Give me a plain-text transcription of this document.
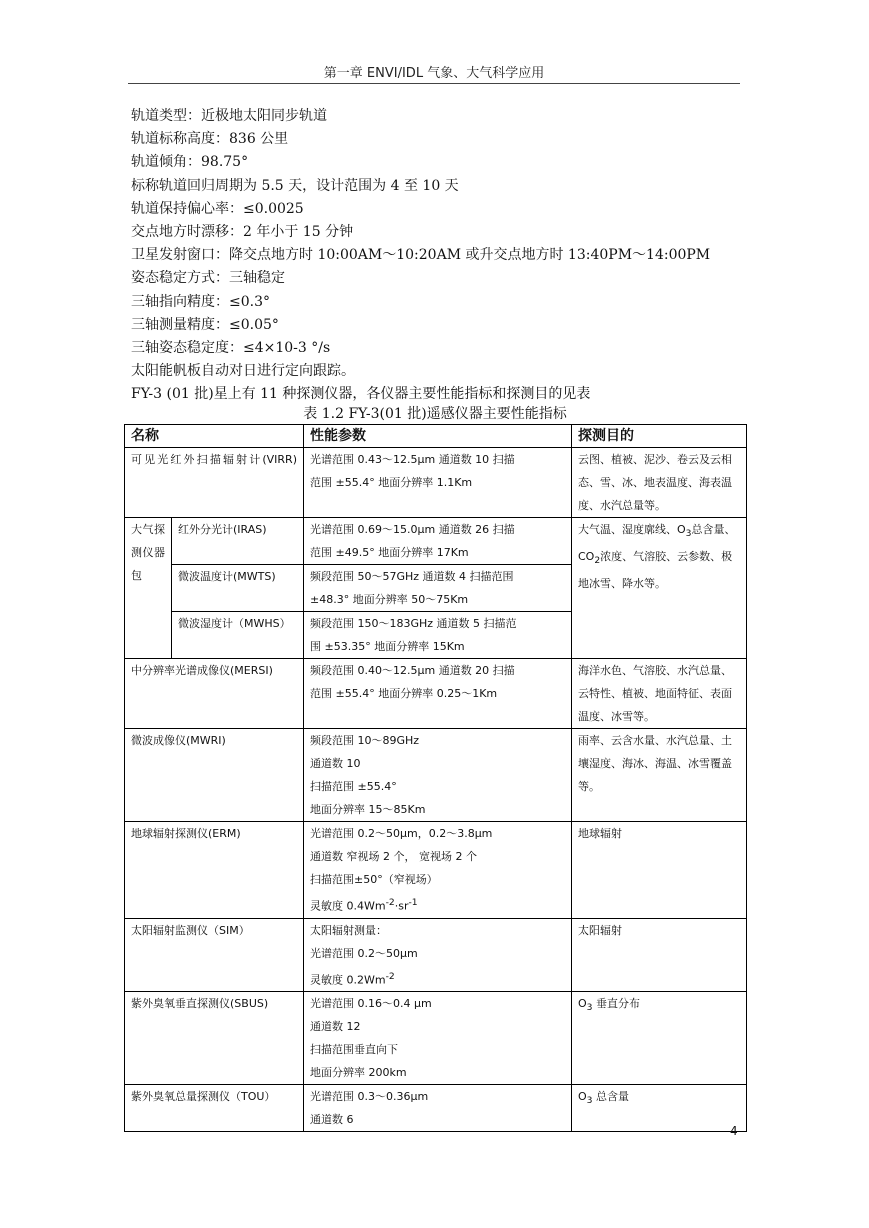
第一章 ENVI/IDL 气象、大气科学应用
轨道类型：近极地太阳同步轨道
轨道标称高度：836 公里
轨道倾角：98.75°
标称轨道回归周期为 5.5 天，设计范围为 4 至 10 天
轨道保持偏心率：≤0.0025
交点地方时漂移：2 年小于 15 分钟
卫星发射窗口：降交点地方时 10:00AM～10:20AM 或升交点地方时 13:40PM～14:00PM
姿态稳定方式：三轴稳定
三轴指向精度：≤0.3°
三轴测量精度：≤0.05°
三轴姿态稳定度：≤4×10-3 °/s
太阳能帆板自动对日进行定向跟踪。
FY-3 (01 批)星上有 11 种探测仪器，各仪器主要性能指标和探测目的见表
表 1.2 FY-3(01 批)遥感仪器主要性能指标
名称		性能参数	探测目的

可见光红外扫描辐射计(VIRR)		光谱范围 0.43～12.5µm 通道数 10 扫描
范围 ±55.4° 地面分辨率 1.1Km	云图、植被、泥沙、卷云及云相态、雪、冰、地表温度、海表温度、水汽总量等。

大气探测仪器包	红外分光计(IRAS)	光谱范围 0.69～15.0µm 通道数 26 扫描
范围 ±49.5° 地面分辨率 17Km	大气温、湿度廓线、$O_3$总含量、$CO_2$浓度、气溶胶、云参数、极地冰雪、降水等。
	微波温度计(MWTS)	频段范围 50～57GHz 通道数 4 扫描范围
±48.3° 地面分辨率 50～75Km	

	微波湿度计（MWHS）	频段范围 150～183GHz 通道数 5 扫描范
围 ±53.35° 地面分辨率 15Km	

中分辨率光谱成像仪(MERSI)		频段范围 0.40～12.5µm 通道数 20 扫描
范围 ±55.4° 地面分辨率 0.25～1Km	海洋水色、气溶胶、水汽总量、云特性、植被、地面特征、表面温度、冰雪等。
微波成像仪(MWRI)		频段范围 10～89GHz
通道数 10
扫描范围 ±55.4°
地面分辨率 15～85Km	雨率、云含水量、水汽总量、土壤湿度、海冰、海温、冰雪覆盖等。
地球辐射探测仪(ERM)		光谱范围 0.2～50µm，0.2～3.8µm
通道数 窄视场 2 个， 宽视场 2 个
扫描范围±50°（窄视场）
灵敏度 $0.4Wm^{-2}\cdot sr^{-1}$	地球辐射
太阳辐射监测仪（SIM）		太阳辐射测量：
光谱范围 0.2～50µm
灵敏度 $0.2Wm^{-2}$	太阳辐射
紫外臭氧垂直探测仪(SBUS)		光谱范围 0.16～0.4 µm
通道数 12
扫描范围垂直向下
地面分辨率 200km	$O_3$ 垂直分布
紫外臭氧总量探测仪（TOU）		光谱范围 0.3～0.36µm
通道数 6	$O_3$ 总含量
4
